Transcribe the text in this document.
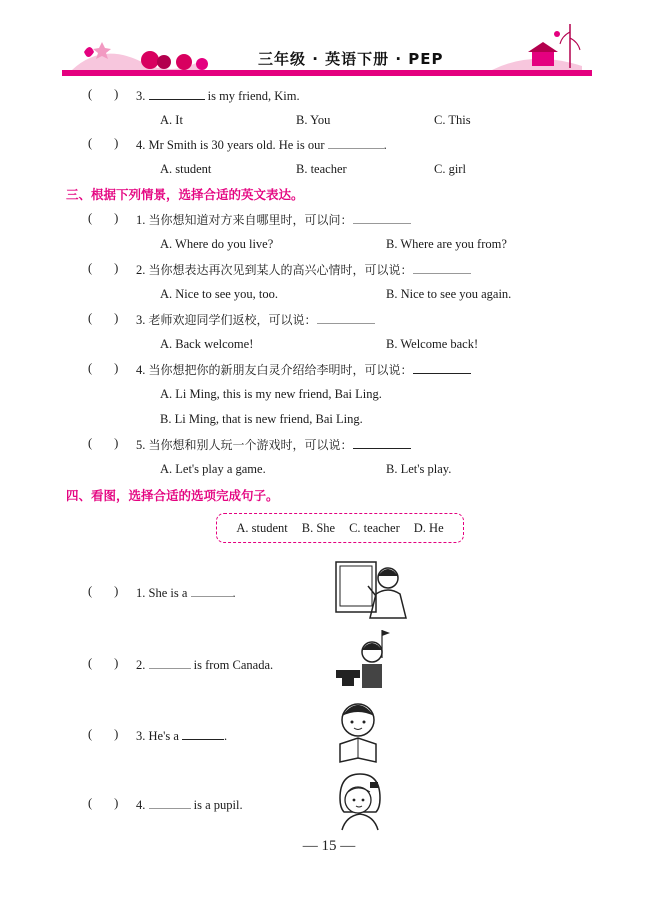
三年级 · 英语下册 · PEP
( ) 3.	is my friend, Kim.
A. It	B. You	C. This
( ) 4. Mr Smith is 30 years old. He is our	.
A. student	B. teacher	C. girl
三、根据下列情景，选择合适的英文表达。
( ) 1. 当你想知道对方来自哪里时，可以问：
A. Where do you live?	B. Where are you from?
( ) 2. 当你想表达再次见到某人的高兴心情时，可以说：
A. Nice to see you, too.	B. Nice to see you again.
( ) 3. 老师欢迎同学们返校，可以说：
A. Back welcome!	B. Welcome back!
( ) 4. 当你想把你的新朋友白灵介绍给李明时，可以说：
A. Li Ming, this is my new friend, Bai Ling.
B. Li Ming, that is new friend, Bai Ling.
( ) 5. 当你想和别人玩一个游戏时，可以说：
A. Let's play a game.	B. Let's play.
四、看图，选择合适的选项完成句子。
A. student B. She C. teacher D. He
( ) 1. She is a	.
( ) 2.	is from Canada.
( ) 3. He's a	.
( ) 4.	is a pupil.
— 15 —
